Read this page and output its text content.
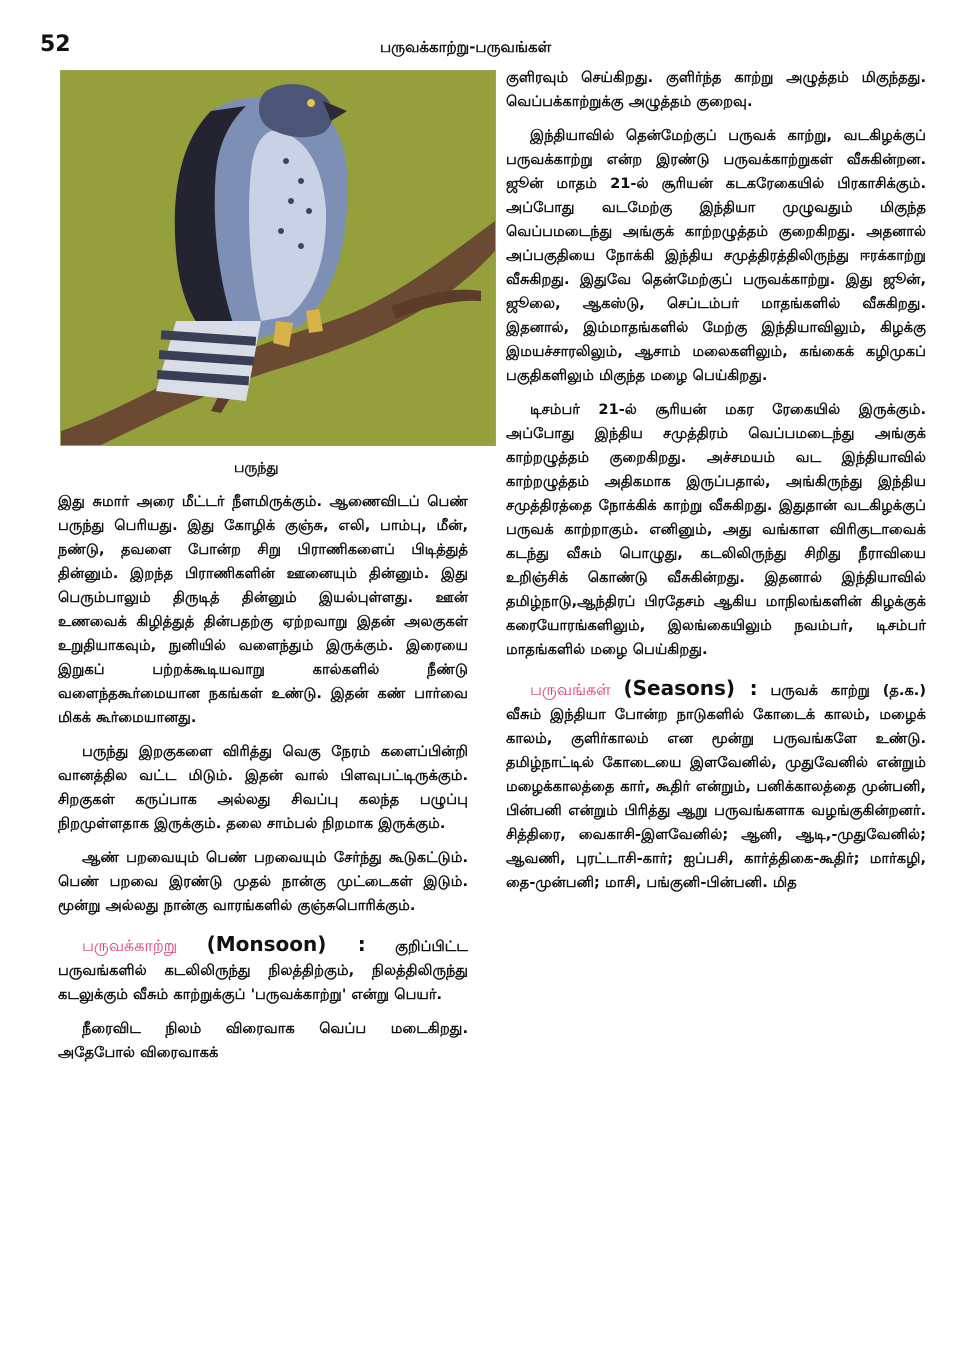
52	பருவக்காற்று-பருவங்கள்
பருந்து

இது சுமார் அரை மீட்டர் நீளமிருக்கும். ஆணைவிடப் பெண் பருந்து பெரியது. இது கோழிக் குஞ்சு, எலி, பாம்பு, மீன், நண்டு, தவளை போன்ற சிறு பிராணிகளைப் பிடித்துத் தின்னும். இறந்த பிராணிகளின் ஊனையும் தின்னும். இது பெரும்பாலும் திருடித் தின்னும் இயல்புள்ளது. ஊன் உணவைக் கிழித்துத் தின்பதற்கு ஏற்றவாறு இதன் அலகுகள் உறுதியாகவும், நுனியில் வளைந்தும் இருக்கும். இரையை இறுகப் பற்றக்கூடியவாறு கால்களில் நீண்டு வளைந்தகூர்மையான நகங்கள் உண்டு. இதன் கண் பார்வை மிகக் கூர்மையானது.

பருந்து இறகுகளை விரித்து வெகு நேரம் களைப்பின்றி வானத்தில வட்ட மிடும். இதன் வால் பிளவுபட்டிருக்கும். சிறகுகள் கருப்பாக அல்லது சிவப்பு கலந்த பழுப்பு நிறமுள்ளதாக இருக்கும். தலை சாம்பல் நிறமாக இருக்கும்.

ஆண் பறவையும் பெண் பறவையும் சேர்ந்து கூடுகட்டும். பெண் பறவை இரண்டு முதல் நான்கு முட்டைகள் இடும். மூன்று அல்லது நான்கு வாரங்களில் குஞ்சுபொரிக்கும்.

பருவக்காற்று (Monsoon) : குறிப்பிட்ட பருவங்களில் கடலிலிருந்து நிலத்திற்கும், நிலத்திலிருந்து கடலுக்கும் வீசும் காற்றுக்குப் 'பருவக்காற்று' என்று பெயர்.

நீரைவிட நிலம் விரைவாக வெப்ப மடைகிறது. அதேபோல் விரைவாகக்

குளிரவும் செய்கிறது. குளிர்ந்த காற்று அழுத்தம் மிகுந்தது. வெப்பக்காற்றுக்கு அழுத்தம் குறைவு.

இந்தியாவில் தென்மேற்குப் பருவக் காற்று, வடகிழக்குப் பருவக்காற்று என்ற இரண்டு பருவக்காற்றுகள் வீசுகின்றன. ஜூன் மாதம் 21-ல் சூரியன் கடகரேகையில் பிரகாசிக்கும். அப்போது வடமேற்கு இந்தியா முழுவதும் மிகுந்த வெப்பமடைந்து அங்குக் காற்றழுத்தம் குறைகிறது. அதனால் அப்பகுதியை நோக்கி இந்திய சமுத்திரத்திலிருந்து ஈரக்காற்று வீசுகிறது. இதுவே தென்மேற்குப் பருவக்காற்று. இது ஜூன், ஜூலை, ஆகஸ்டு, செப்டம்பர் மாதங்களில் வீசுகிறது. இதனால், இம்மாதங்களில் மேற்கு இந்தியாவிலும், கிழக்கு இமயச்சாரலிலும், ஆசாம் மலைகளிலும், கங்கைக் கழிமுகப் பகுதிகளிலும் மிகுந்த மழை பெய்கிறது.

டிசம்பர் 21-ல் சூரியன் மகர ரேகையில் இருக்கும். அப்போது இந்திய சமுத்திரம் வெப்பமடைந்து அங்குக் காற்றழுத்தம் குறைகிறது. அச்சமயம் வட இந்தியாவில் காற்றழுத்தம் அதிகமாக இருப்பதால், அங்கிருந்து இந்திய சமுத்திரத்தை நோக்கிக் காற்று வீசுகிறது. இதுதான் வடகிழக்குப் பருவக் காற்றாகும். எனினும், அது வங்காள விரிகுடாவைக் கடந்து வீசும் பொழுது, கடலிலிருந்து சிறிது நீராவியை உறிஞ்சிக் கொண்டு வீசுகின்றது. இதனால் இந்தியாவில் தமிழ்நாடு,ஆந்திரப் பிரதேசம் ஆகிய மாநிலங்களின் கிழக்குக் கரையோரங்களிலும், இலங்கையிலும் நவம்பர், டிசம்பர் மாதங்களில் மழை பெய்கிறது.

பருவங்கள் (Seasons) : பருவக் காற்று (த.க.) வீசும் இந்தியா போன்ற நாடுகளில் கோடைக் காலம், மழைக் காலம், குளிர்காலம் என மூன்று பருவங்களே உண்டு. தமிழ்நாட்டில் கோடையை இளவேனில், முதுவேனில் என்றும் மழைக்காலத்தை கார், கூதிர் என்றும், பனிக்காலத்தை முன்பனி, பின்பனி என்றும் பிரித்து ஆறு பருவங்களாக வழங்குகின்றனர். சித்திரை, வைகாசி-இளவேனில்; ஆனி, ஆடி,-முதுவேனில்; ஆவணி, புரட்டாசி-கார்; ஐப்பசி, கார்த்திகை-கூதிர்; மார்கழி, தை-முன்பனி; மாசி, பங்குனி-பின்பனி. மித
